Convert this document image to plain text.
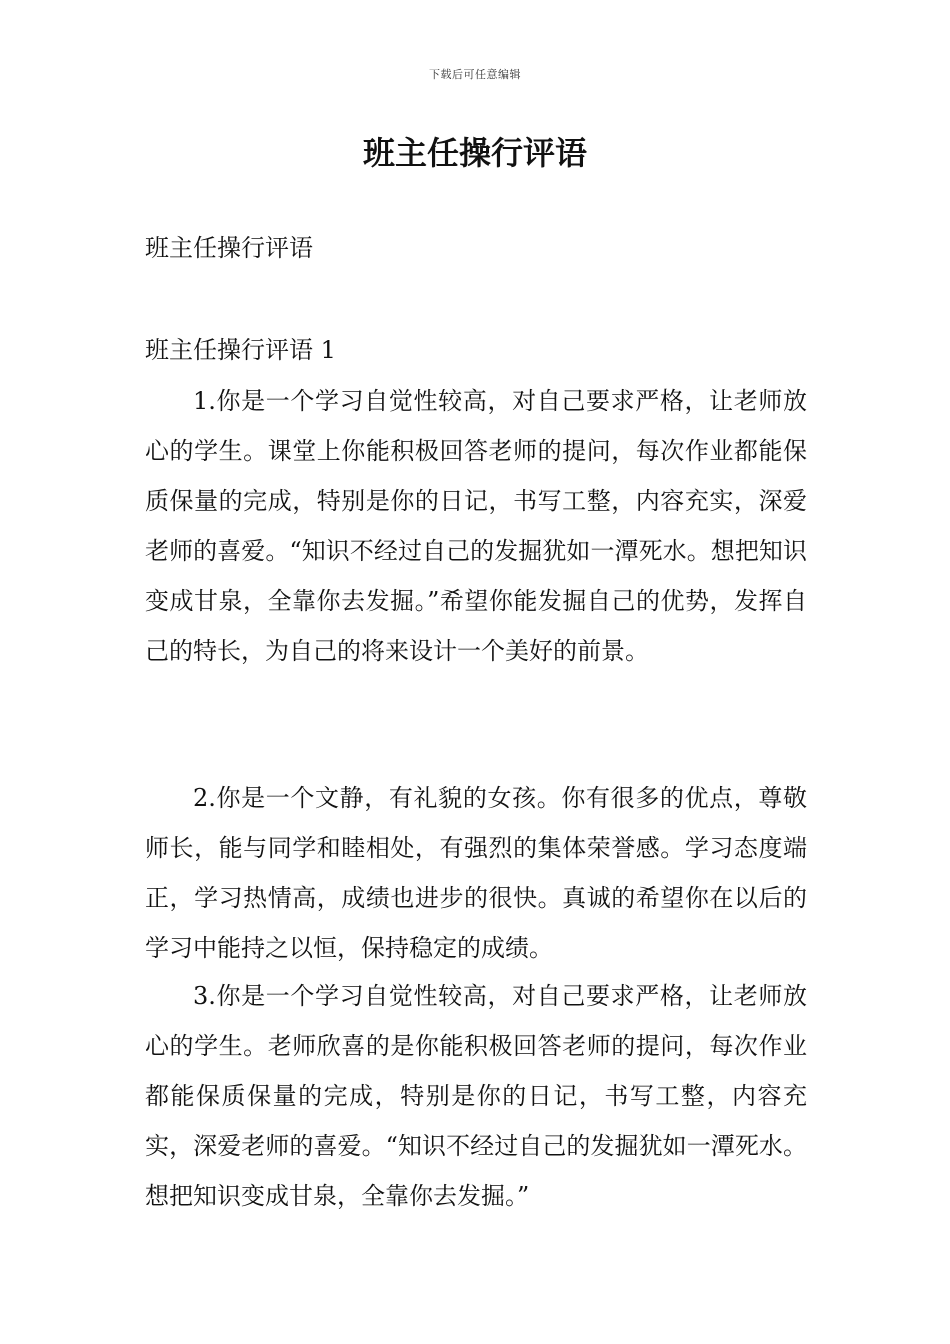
下载后可任意编辑
班主任操行评语
班主任操行评语
班主任操行评语 1

1.你是一个学习自觉性较高，对自己要求严格，让老师放心的学生。课堂上你能积极回答老师的提问，每次作业都能保质保量的完成，特别是你的日记，书写工整，内容充实，深爱老师的喜爱。“知识不经过自己的发掘犹如一潭死水。想把知识变成甘泉，全靠你去发掘。”希望你能发掘自己的优势，发挥自己的特长，为自己的将来设计一个美好的前景。

2.你是一个文静，有礼貌的女孩。你有很多的优点，尊敬师长，能与同学和睦相处，有强烈的集体荣誉感。学习态度端正，学习热情高，成绩也进步的很快。真诚的希望你在以后的学习中能持之以恒，保持稳定的成绩。

3.你是一个学习自觉性较高，对自己要求严格，让老师放心的学生。老师欣喜的是你能积极回答老师的提问，每次作业都能保质保量的完成，特别是你的日记，书写工整，内容充实，深爱老师的喜爱。“知识不经过自己的发掘犹如一潭死水。想把知识变成甘泉，全靠你去发掘。”
